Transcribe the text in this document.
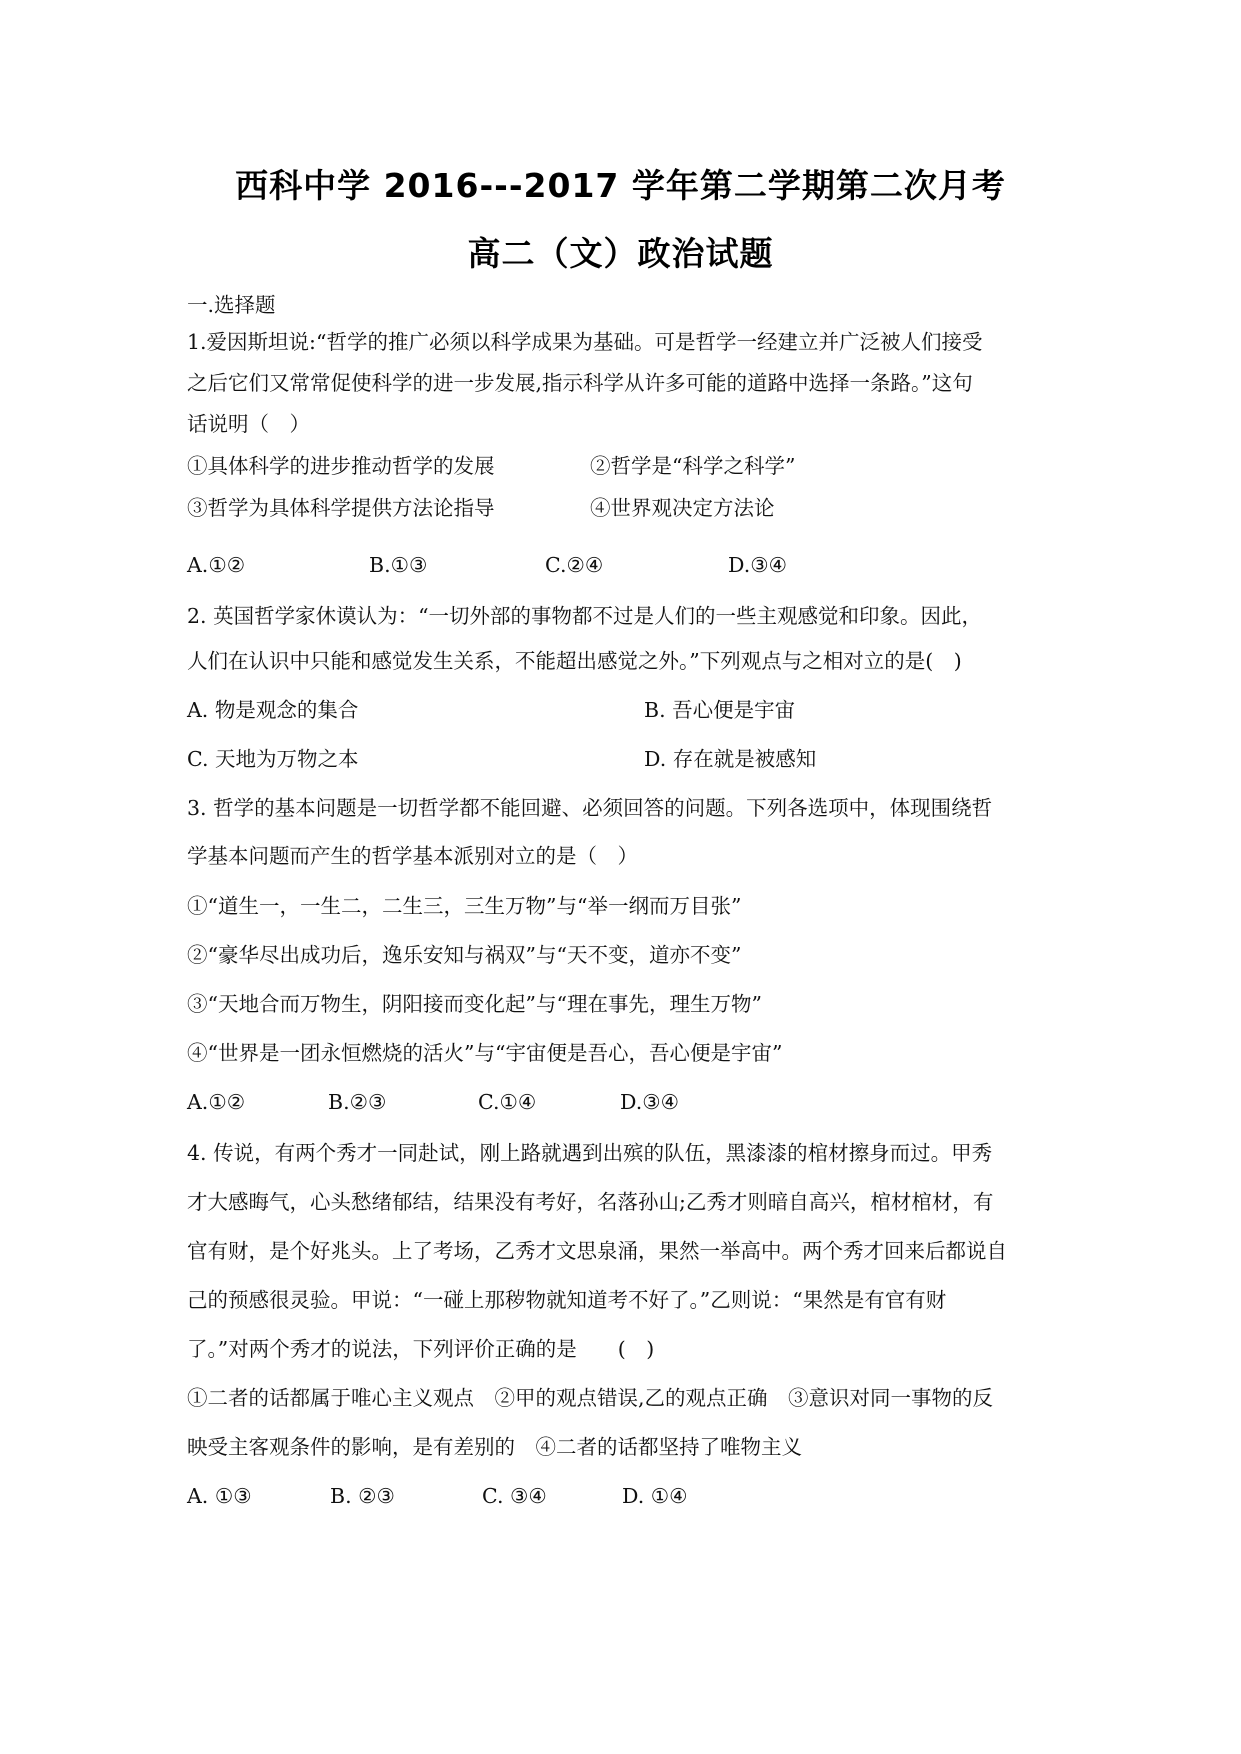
西科中学 2016---2017 学年第二学期第二次月考
高二（文）政治试题
一.选择题
1.爱因斯坦说:“哲学的推广必须以科学成果为基础。可是哲学一经建立并广泛被人们接受
之后它们又常常促使科学的进一步发展,指示科学从许多可能的道路中选择一条路。”这句
话说明（　）
①具体科学的进步推动哲学的发展	②哲学是“科学之科学”
③哲学为具体科学提供方法论指导	④世界观决定方法论
A.①②	B.①③	C.②④	D.③④
2. 英国哲学家休谟认为：“一切外部的事物都不过是人们的一些主观感觉和印象。因此，
人们在认识中只能和感觉发生关系，不能超出感觉之外。”下列观点与之相对立的是(　)
A. 物是观念的集合	B. 吾心便是宇宙
C. 天地为万物之本	D. 存在就是被感知
3. 哲学的基本问题是一切哲学都不能回避、必须回答的问题。下列各选项中，体现围绕哲
学基本问题而产生的哲学基本派别对立的是（　）
①“道生一，一生二，二生三，三生万物”与“举一纲而万目张”
②“豪华尽出成功后，逸乐安知与祸双”与“天不变，道亦不变”
③“天地合而万物生，阴阳接而变化起”与“理在事先，理生万物”
④“世界是一团永恒燃烧的活火”与“宇宙便是吾心，吾心便是宇宙”
A.①②	B.②③	C.①④	D.③④
4. 传说，有两个秀才一同赴试，刚上路就遇到出殡的队伍，黑漆漆的棺材擦身而过。甲秀
才大感晦气，心头愁绪郁结，结果没有考好，名落孙山;乙秀才则暗自高兴，棺材棺材，有
官有财，是个好兆头。上了考场，乙秀才文思泉涌，果然一举高中。两个秀才回来后都说自
己的预感很灵验。甲说：“一碰上那秽物就知道考不好了。”乙则说：“果然是有官有财
了。”对两个秀才的说法，下列评价正确的是　　(　)
①二者的话都属于唯心主义观点　②甲的观点错误,乙的观点正确　③意识对同一事物的反
映受主客观条件的影响，是有差别的　④二者的话都坚持了唯物主义
A. ①③	B. ②③	C. ③④	D. ①④
